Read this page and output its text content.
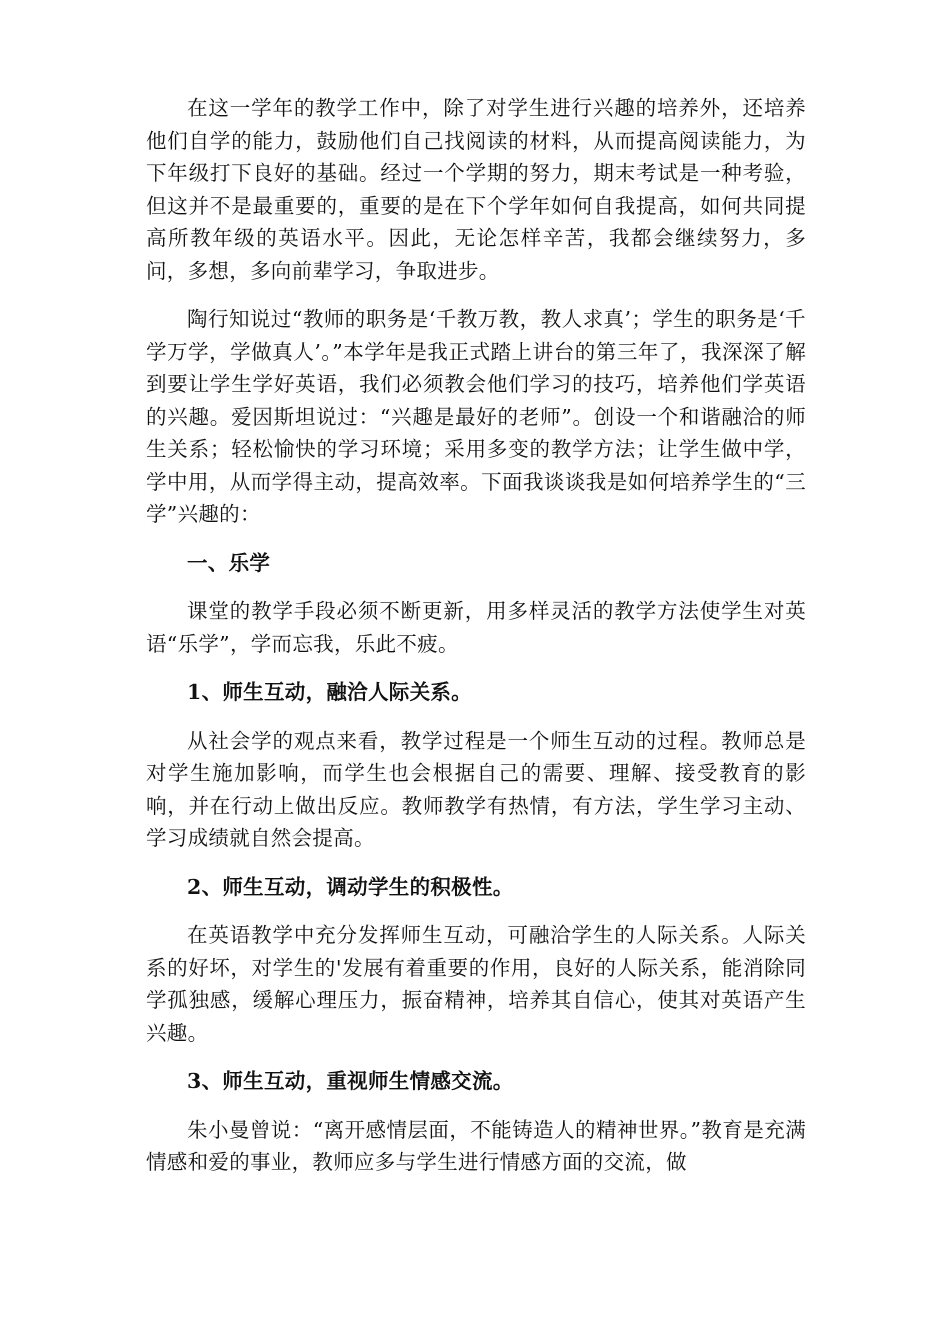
在这一学年的教学工作中，除了对学生进行兴趣的培养外，还培养他们自学的能力，鼓励他们自己找阅读的材料，从而提高阅读能力，为下年级打下良好的基础。经过一个学期的努力，期末考试是一种考验，但这并不是最重要的，重要的是在下个学年如何自我提高，如何共同提高所教年级的英语水平。因此，无论怎样辛苦，我都会继续努力，多问，多想，多向前辈学习，争取进步。

陶行知说过“教师的职务是‘千教万教，教人求真’；学生的职务是‘千学万学，学做真人’。”本学年是我正式踏上讲台的第三年了，我深深了解到要让学生学好英语，我们必须教会他们学习的技巧，培养他们学英语的兴趣。爱因斯坦说过：“兴趣是最好的老师”。创设一个和谐融洽的师生关系；轻松愉快的学习环境；采用多变的教学方法；让学生做中学，学中用，从而学得主动，提高效率。下面我谈谈我是如何培养学生的“三学”兴趣的：

一、乐学

课堂的教学手段必须不断更新，用多样灵活的教学方法使学生对英语“乐学”，学而忘我，乐此不疲。

1、师生互动，融洽人际关系。

从社会学的观点来看，教学过程是一个师生互动的过程。教师总是对学生施加影响，而学生也会根据自己的需要、理解、接受教育的影响，并在行动上做出反应。教师教学有热情，有方法，学生学习主动、学习成绩就自然会提高。

2、师生互动，调动学生的积极性。

在英语教学中充分发挥师生互动，可融洽学生的人际关系。人际关系的好坏，对学生的'发展有着重要的作用，良好的人际关系，能消除同学孤独感，缓解心理压力，振奋精神，培养其自信心，使其对英语产生兴趣。

3、师生互动，重视师生情感交流。

朱小曼曾说：“离开感情层面，不能铸造人的精神世界。”教育是充满情感和爱的事业，教师应多与学生进行情感方面的交流，做
